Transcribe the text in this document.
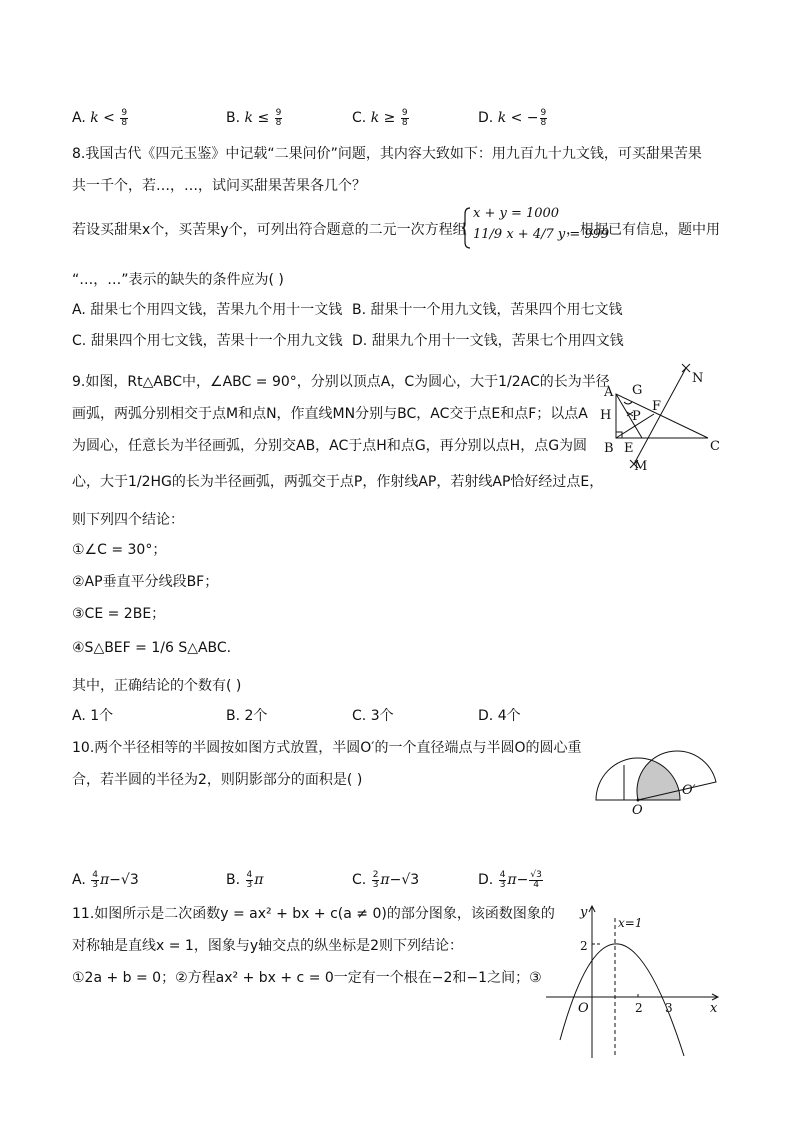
A. $k < \frac{9}{8}$	B. $k \le \frac{9}{8}$	C. $k \ge \frac{9}{8}$	D. k < − $\frac{9}{8}$
8.我国古代《四元玉鉴》中记载“二果问价”问题，其内容大致如下：用九百九十九文钱，可买甜果苦果
共一千个，若…，…，试问买甜果苦果各几个？
若设买甜果x个，买苦果y个，可列出符合题意的二元一次方程组
x + y = 1000
11/9 x + 4/7 y = 999
，根据已有信息，题中用
“…，…”表示的缺失的条件应为( )
A. 甜果七个用四文钱，苦果九个用十一文钱 B. 甜果十一个用九文钱，苦果四个用七文钱
C. 甜果四个用七文钱，苦果十一个用九文钱 D. 甜果九个用十一文钱，苦果七个用四文钱
9.如图，Rt△ABC中，∠ABC = 90°，分别以顶点A，C为圆心，大于1/2AC的长为半径
画弧，两弧分别相交于点M和点N，作直线MN分别与BC，AC交于点E和点F；以点A
为圆心，任意长为半径画弧，分别交AB，AC于点H和点G，再分别以点H，点G为圆
心，大于1/2HG的长为半径画弧，两弧交于点P，作射线AP，若射线AP恰好经过点E，
则下列四个结论：
①∠C = 30°；
②AP垂直平分线段BF；
③CE = 2BE；
④S△BEF = 1/6 S△ABC.
其中，正确结论的个数有( )
A. 1个	B. 2个	C. 3个	D. 4个
A G
N
H P
F
B E	C
M
10.两个半径相等的半圆按如图方式放置，半圆O′的一个直径端点与半圆O的圆心重
合，若半圆的半径为2，则阴影部分的面积是( )
A. $\frac{4}{3} \pi-√3$	B. $\frac{4}{3}$ π	C. $\frac{2}{3} \pi-√3$	D. $\frac{4}{3} \pi- \frac{√3}{4}$
O
O′
11.如图所示是二次函数y = ax² + bx + c(a ≠ 0)的部分图象，该函数图象的
对称轴是直线x = 1，图象与y轴交点的纵坐标是2则下列结论：
①2a + b = 0；②方程ax² + bx + c = 0一定有一个根在−2和−1之间；③
y
x=1
2
O	2 3	x
